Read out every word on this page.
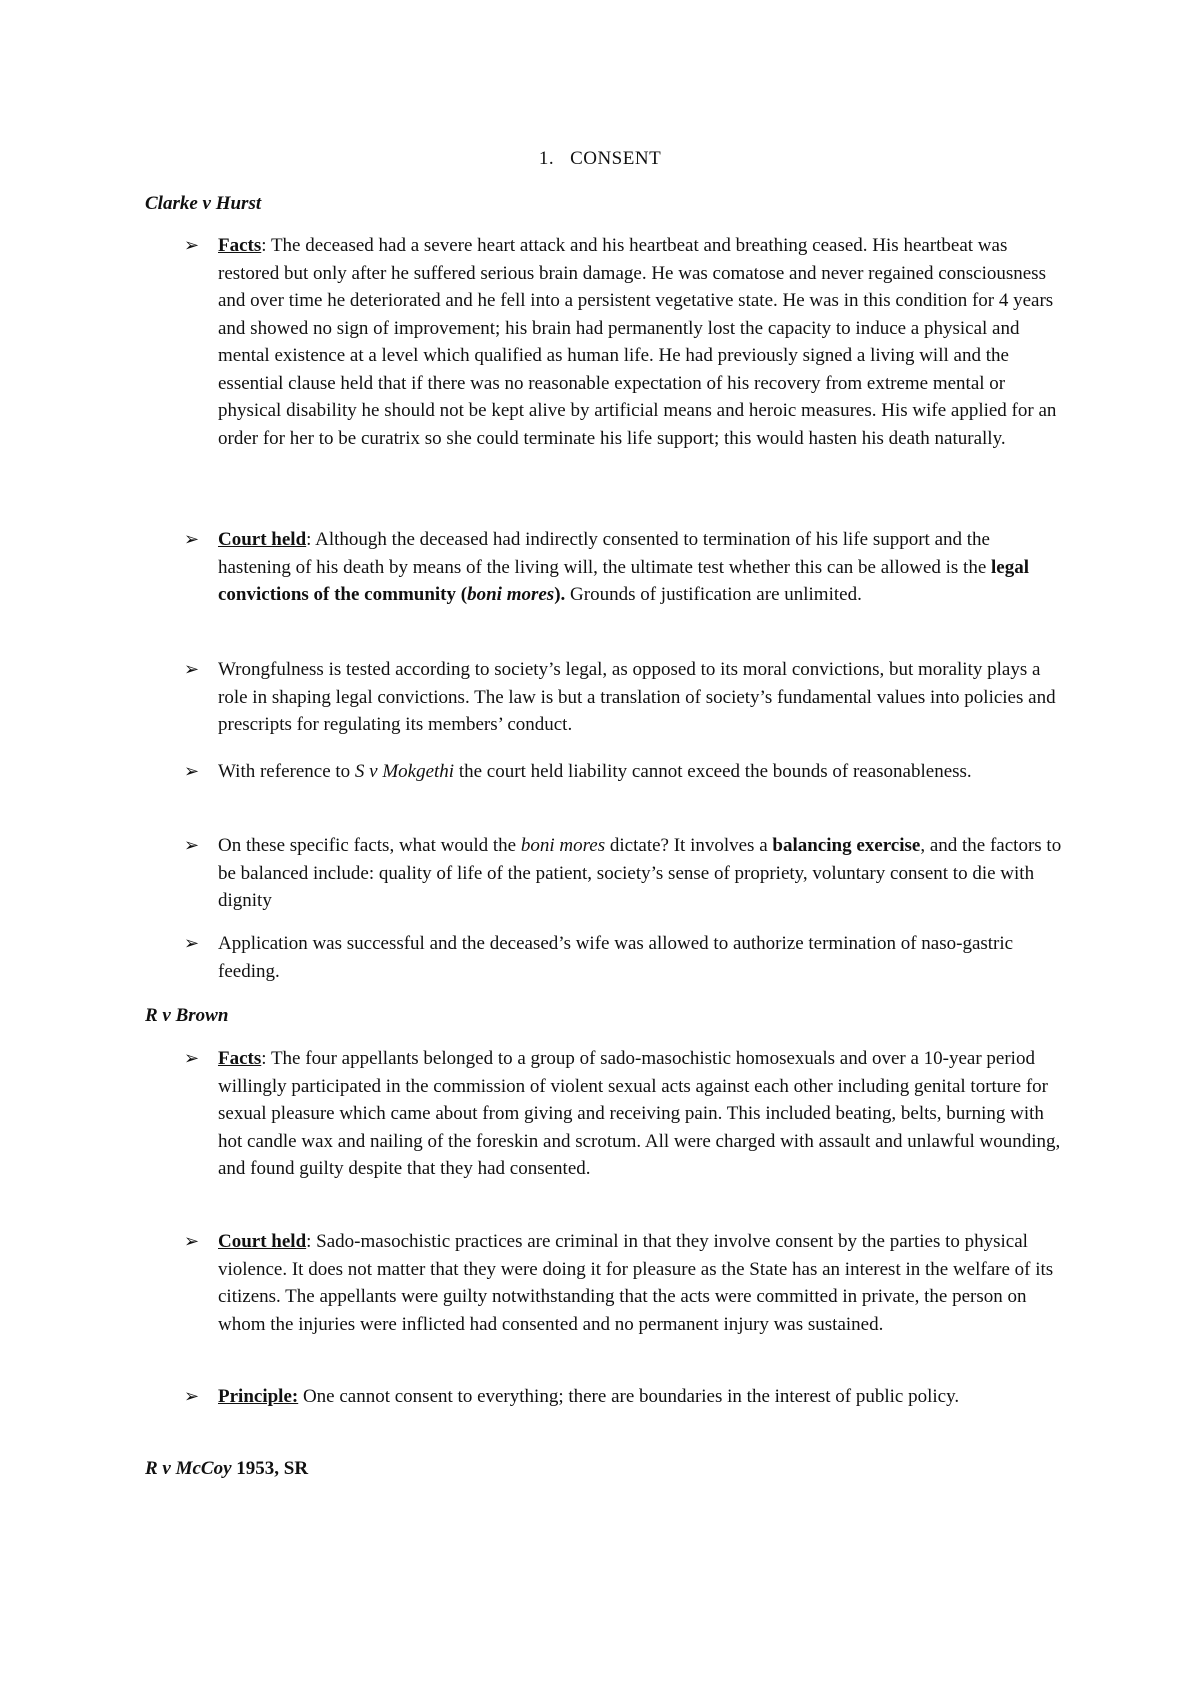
1. CONSENT
Clarke v Hurst
➢ Facts: The deceased had a severe heart attack and his heartbeat and breathing ceased. His heartbeat was restored but only after he suffered serious brain damage. He was comatose and never regained consciousness and over time he deteriorated and he fell into a persistent vegetative state. He was in this condition for 4 years and showed no sign of improvement; his brain had permanently lost the capacity to induce a physical and mental existence at a level which qualified as human life. He had previously signed a living will and the essential clause held that if there was no reasonable expectation of his recovery from extreme mental or physical disability he should not be kept alive by artificial means and heroic measures. His wife applied for an order for her to be curatrix so she could terminate his life support; this would hasten his death naturally.

➢ Court held: Although the deceased had indirectly consented to termination of his life support and the hastening of his death by means of the living will, the ultimate test whether this can be allowed is the legal convictions of the community (boni mores). Grounds of justification are unlimited.

➢ Wrongfulness is tested according to society’s legal, as opposed to its moral convictions, but morality plays a role in shaping legal convictions. The law is but a translation of society’s fundamental values into policies and prescripts for regulating its members’ conduct.

➢ With reference to S v Mokgethi the court held liability cannot exceed the bounds of reasonableness.

➢ On these specific facts, what would the boni mores dictate? It involves a balancing exercise, and the factors to be balanced include: quality of life of the patient, society’s sense of propriety, voluntary consent to die with dignity

➢ Application was successful and the deceased’s wife was allowed to authorize termination of naso-gastric feeding.

R v Brown
➢ Facts: The four appellants belonged to a group of sado-masochistic homosexuals and over a 10-year period willingly participated in the commission of violent sexual acts against each other including genital torture for sexual pleasure which came about from giving and receiving pain. This included beating, belts, burning with hot candle wax and nailing of the foreskin and scrotum. All were charged with assault and unlawful wounding, and found guilty despite that they had consented.

➢ Court held: Sado-masochistic practices are criminal in that they involve consent by the parties to physical violence. It does not matter that they were doing it for pleasure as the State has an interest in the welfare of its citizens. The appellants were guilty notwithstanding that the acts were committed in private, the person on whom the injuries were inflicted had consented and no permanent injury was sustained.

➢ Principle: One cannot consent to everything; there are boundaries in the interest of public policy.

R v McCoy 1953, SR
